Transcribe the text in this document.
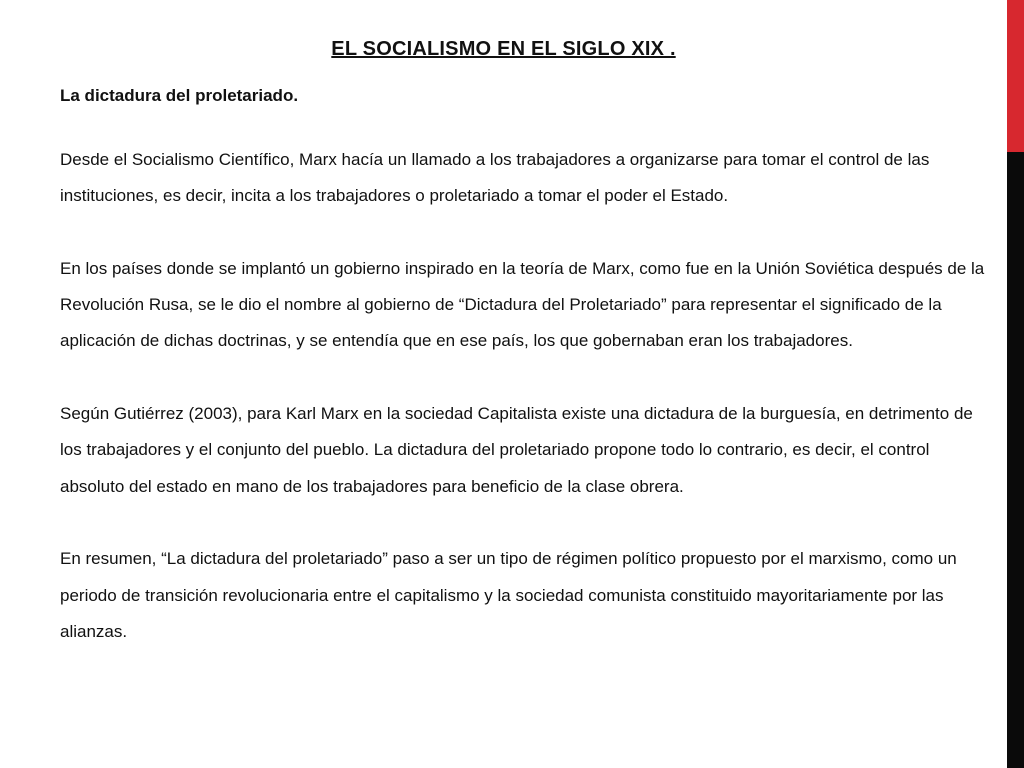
EL SOCIALISMO EN EL SIGLO XIX .
La dictadura del proletariado.

Desde el Socialismo Científico, Marx hacía un llamado a los trabajadores a organizarse para tomar el control de las instituciones, es decir, incita a los trabajadores o proletariado a tomar el poder el Estado.

En los países donde se implantó un gobierno inspirado en la teoría de Marx, como fue en la Unión Soviética después de la Revolución Rusa, se le dio el nombre al gobierno de “Dictadura del Proletariado” para representar el significado de la aplicación de dichas doctrinas, y se entendía que en ese país, los que gobernaban eran los trabajadores.

Según Gutiérrez (2003), para Karl Marx en la sociedad Capitalista existe una dictadura de la burguesía, en detrimento de los trabajadores y el conjunto del pueblo. La dictadura del proletariado propone todo lo contrario, es decir, el control absoluto del estado en mano de los trabajadores para beneficio de la clase obrera.

En resumen, “La dictadura del proletariado” paso a ser un tipo de régimen político propuesto por el marxismo, como un periodo de transición revolucionaria entre el capitalismo y la sociedad comunista constituido mayoritariamente por las alianzas.
